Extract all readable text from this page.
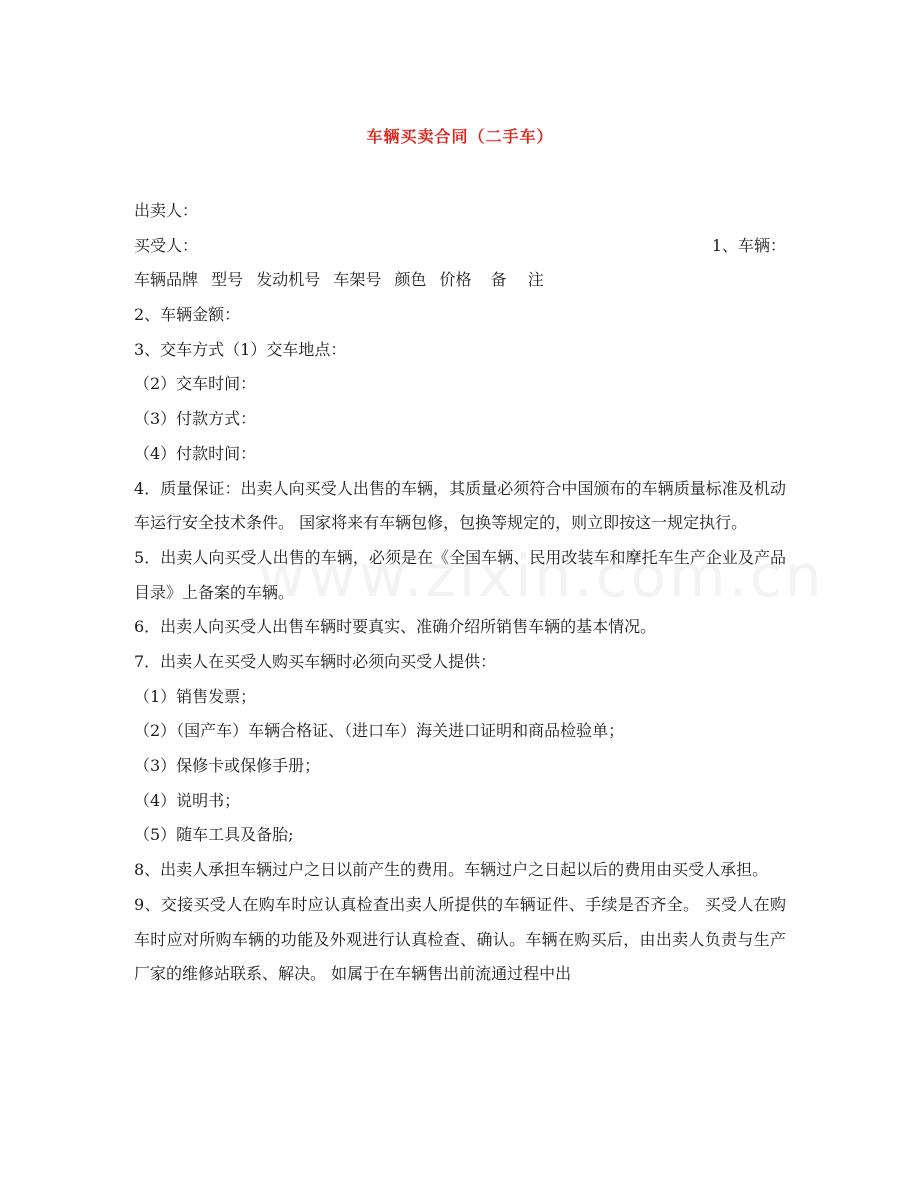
车辆买卖合同（二手车）
出卖人：
买受人：	1、车辆：
车辆品牌 型号 发动机号 车架号 颜色 价格 备 注
2、车辆金额：
3、交车方式（1）交车地点：
（2）交车时间：
（3）付款方式：
（4）付款时间：
4．质量保证：出卖人向买受人出售的车辆，其质量必须符合中国颁布的车辆质量标准及机动车运行安全技术条件。 国家将来有车辆包修，包换等规定的，则立即按这一规定执行。
5．出卖人向买受人出售的车辆，必须是在《全国车辆、民用改装车和摩托车生产企业及产品目录》上备案的车辆。
6．出卖人向买受人出售车辆时要真实、准确介绍所销售车辆的基本情况。
7．出卖人在买受人购买车辆时必须向买受人提供：
（1）销售发票；
（2）（国产车）车辆合格证、（进口车）海关进口证明和商品检验单；
（3）保修卡或保修手册；
（4）说明书；
（5）随车工具及备胎;
8、出卖人承担车辆过户之日以前产生的费用。车辆过户之日起以后的费用由买受人承担。
9、交接买受人在购车时应认真检查出卖人所提供的车辆证件、手续是否齐全。 买受人在购车时应对所购车辆的功能及外观进行认真检查、确认。车辆在购买后，由出卖人负责与生产厂家的维修站联系、解决。 如属于在车辆售出前流通过程中出
